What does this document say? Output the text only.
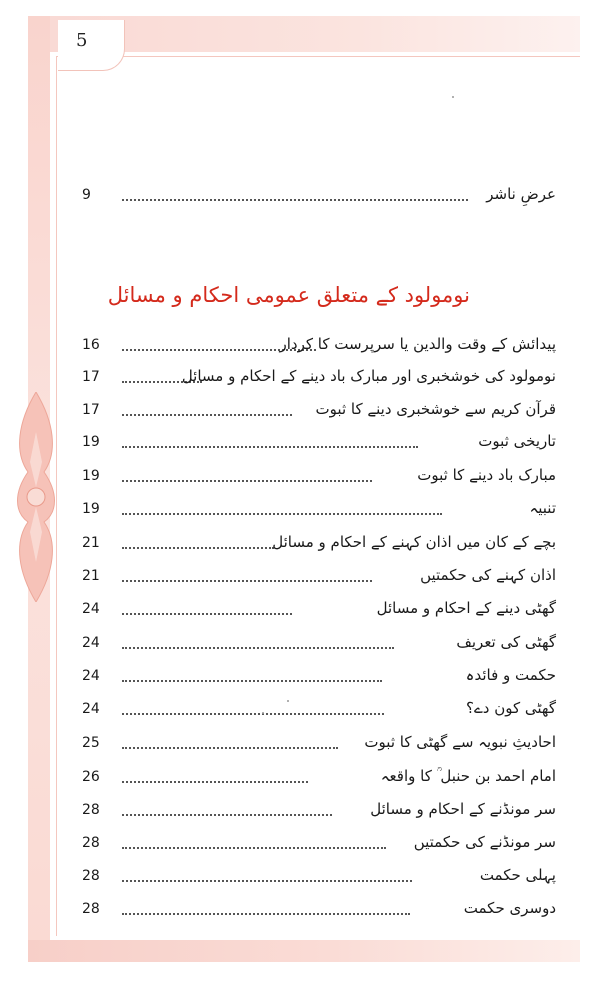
5
9	عرضِ ناشر
نومولود کے متعلق عمومی احکام و مسائل
16	پیدائش کے وقت والدین یا سرپرست کا کردار
17	نومولود کی خوشخبری اور مبارک باد دینے کے احکام و مسائل
17	قرآن کریم سے خوشخبری دینے کا ثبوت
19	تاریخی ثبوت
19	مبارک باد دینے کا ثبوت
19	تنبیہ
21	بچے کے کان میں اذان کہنے کے احکام و مسائل
21	اذان کہنے کی حکمتیں
24	گھٹی دینے کے احکام و مسائل
24	گھٹی کی تعریف
24	حکمت و فائدہ
24	گھٹی کون دے؟
25	احادیثِ نبویہ سے گھٹی کا ثبوت
26	امام احمد بن حنبل ؒ کا واقعہ
28	سر مونڈنے کے احکام و مسائل
28	سر مونڈنے کی حکمتیں
28	پہلی حکمت
28	دوسری حکمت
